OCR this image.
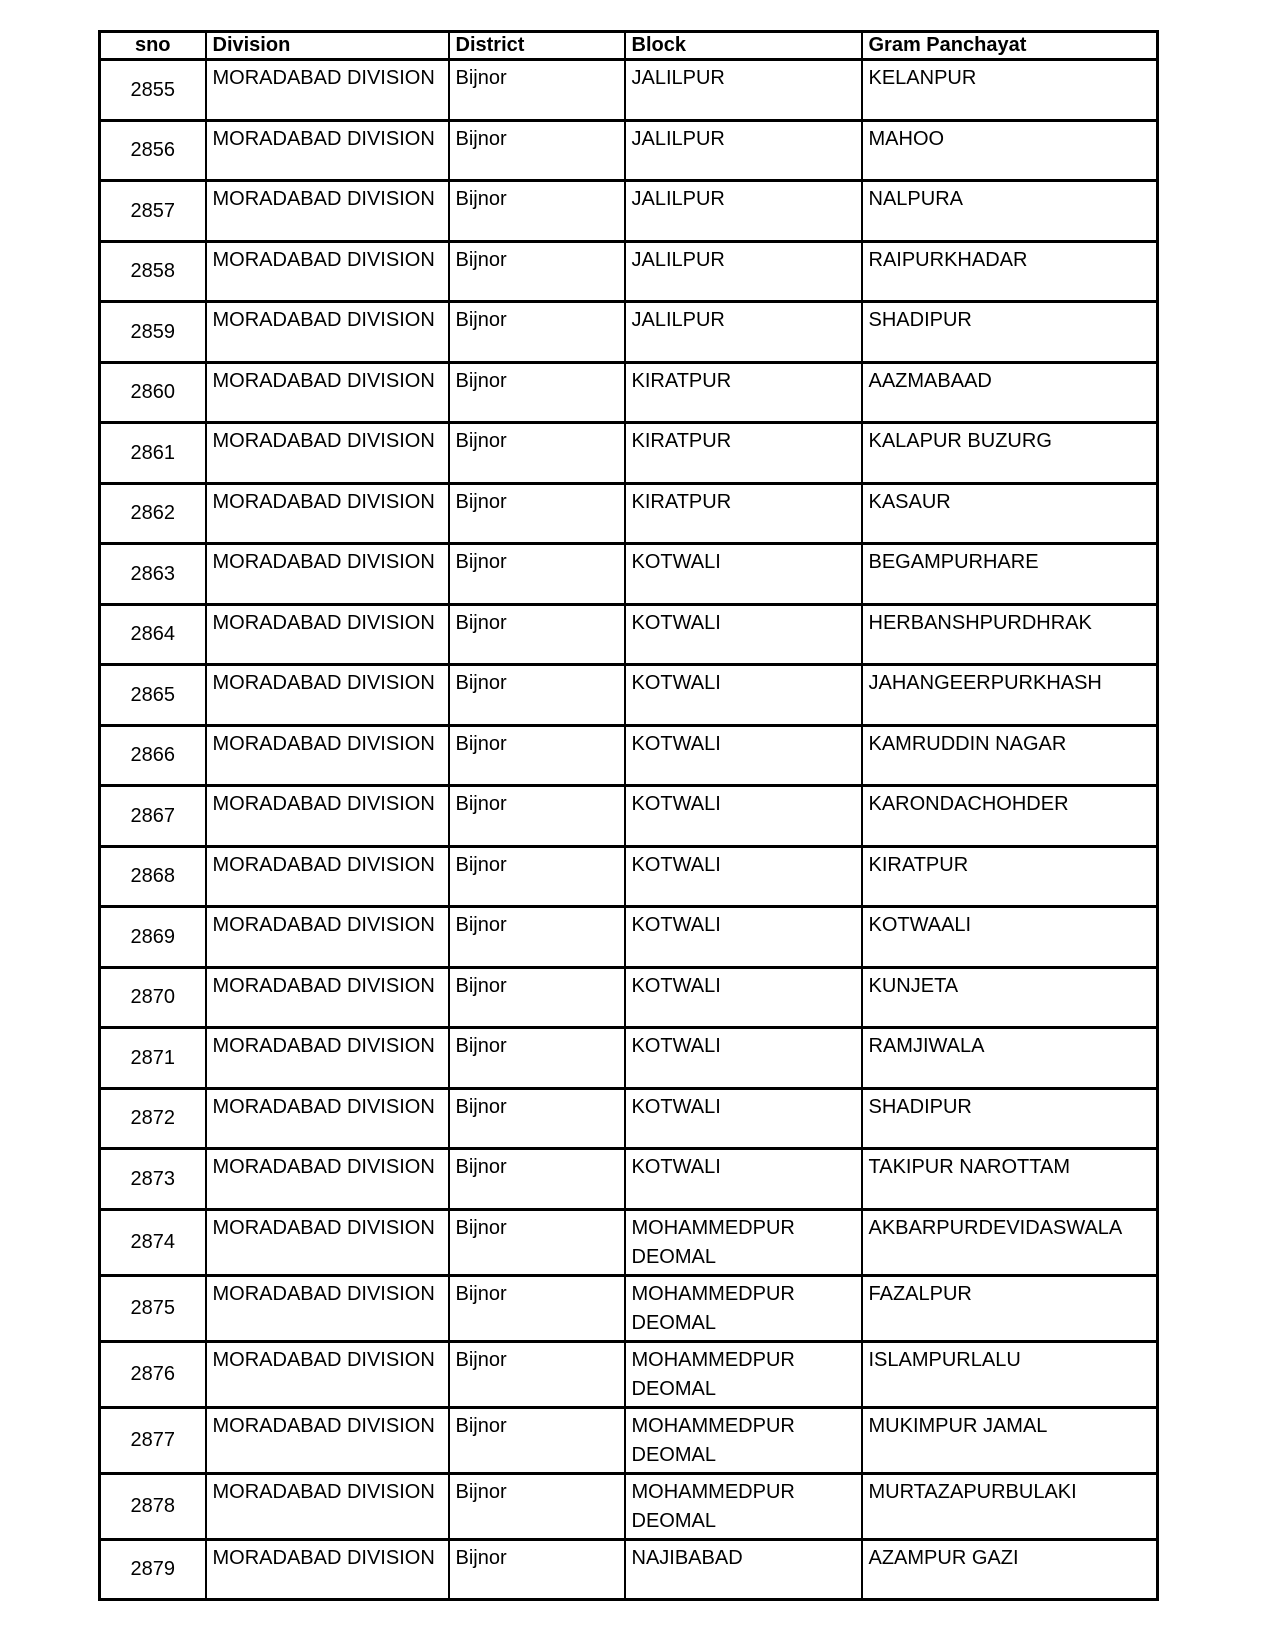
sno	Division	District	Block	Gram Panchayat
2855	MORADABAD DIVISION	Bijnor	JALILPUR	KELANPUR
2856	MORADABAD DIVISION	Bijnor	JALILPUR	MAHOO
2857	MORADABAD DIVISION	Bijnor	JALILPUR	NALPURA
2858	MORADABAD DIVISION	Bijnor	JALILPUR	RAIPURKHADAR
2859	MORADABAD DIVISION	Bijnor	JALILPUR	SHADIPUR
2860	MORADABAD DIVISION	Bijnor	KIRATPUR	AAZMABAAD
2861	MORADABAD DIVISION	Bijnor	KIRATPUR	KALAPUR BUZURG
2862	MORADABAD DIVISION	Bijnor	KIRATPUR	KASAUR
2863	MORADABAD DIVISION	Bijnor	KOTWALI	BEGAMPURHARE
2864	MORADABAD DIVISION	Bijnor	KOTWALI	HERBANSHPURDHRAK
2865	MORADABAD DIVISION	Bijnor	KOTWALI	JAHANGEERPURKHASH
2866	MORADABAD DIVISION	Bijnor	KOTWALI	KAMRUDDIN NAGAR
2867	MORADABAD DIVISION	Bijnor	KOTWALI	KARONDACHOHDER
2868	MORADABAD DIVISION	Bijnor	KOTWALI	KIRATPUR
2869	MORADABAD DIVISION	Bijnor	KOTWALI	KOTWAALI
2870	MORADABAD DIVISION	Bijnor	KOTWALI	KUNJETA
2871	MORADABAD DIVISION	Bijnor	KOTWALI	RAMJIWALA
2872	MORADABAD DIVISION	Bijnor	KOTWALI	SHADIPUR
2873	MORADABAD DIVISION	Bijnor	KOTWALI	TAKIPUR NAROTTAM
2874	MORADABAD DIVISION	Bijnor	MOHAMMEDPUR DEOMAL	AKBARPURDEVIDASWALA
2875	MORADABAD DIVISION	Bijnor	MOHAMMEDPUR DEOMAL	FAZALPUR
2876	MORADABAD DIVISION	Bijnor	MOHAMMEDPUR DEOMAL	ISLAMPURLALU
2877	MORADABAD DIVISION	Bijnor	MOHAMMEDPUR DEOMAL	MUKIMPUR JAMAL
2878	MORADABAD DIVISION	Bijnor	MOHAMMEDPUR DEOMAL	MURTAZAPURBULAKI
2879	MORADABAD DIVISION	Bijnor	NAJIBABAD	AZAMPUR GAZI
